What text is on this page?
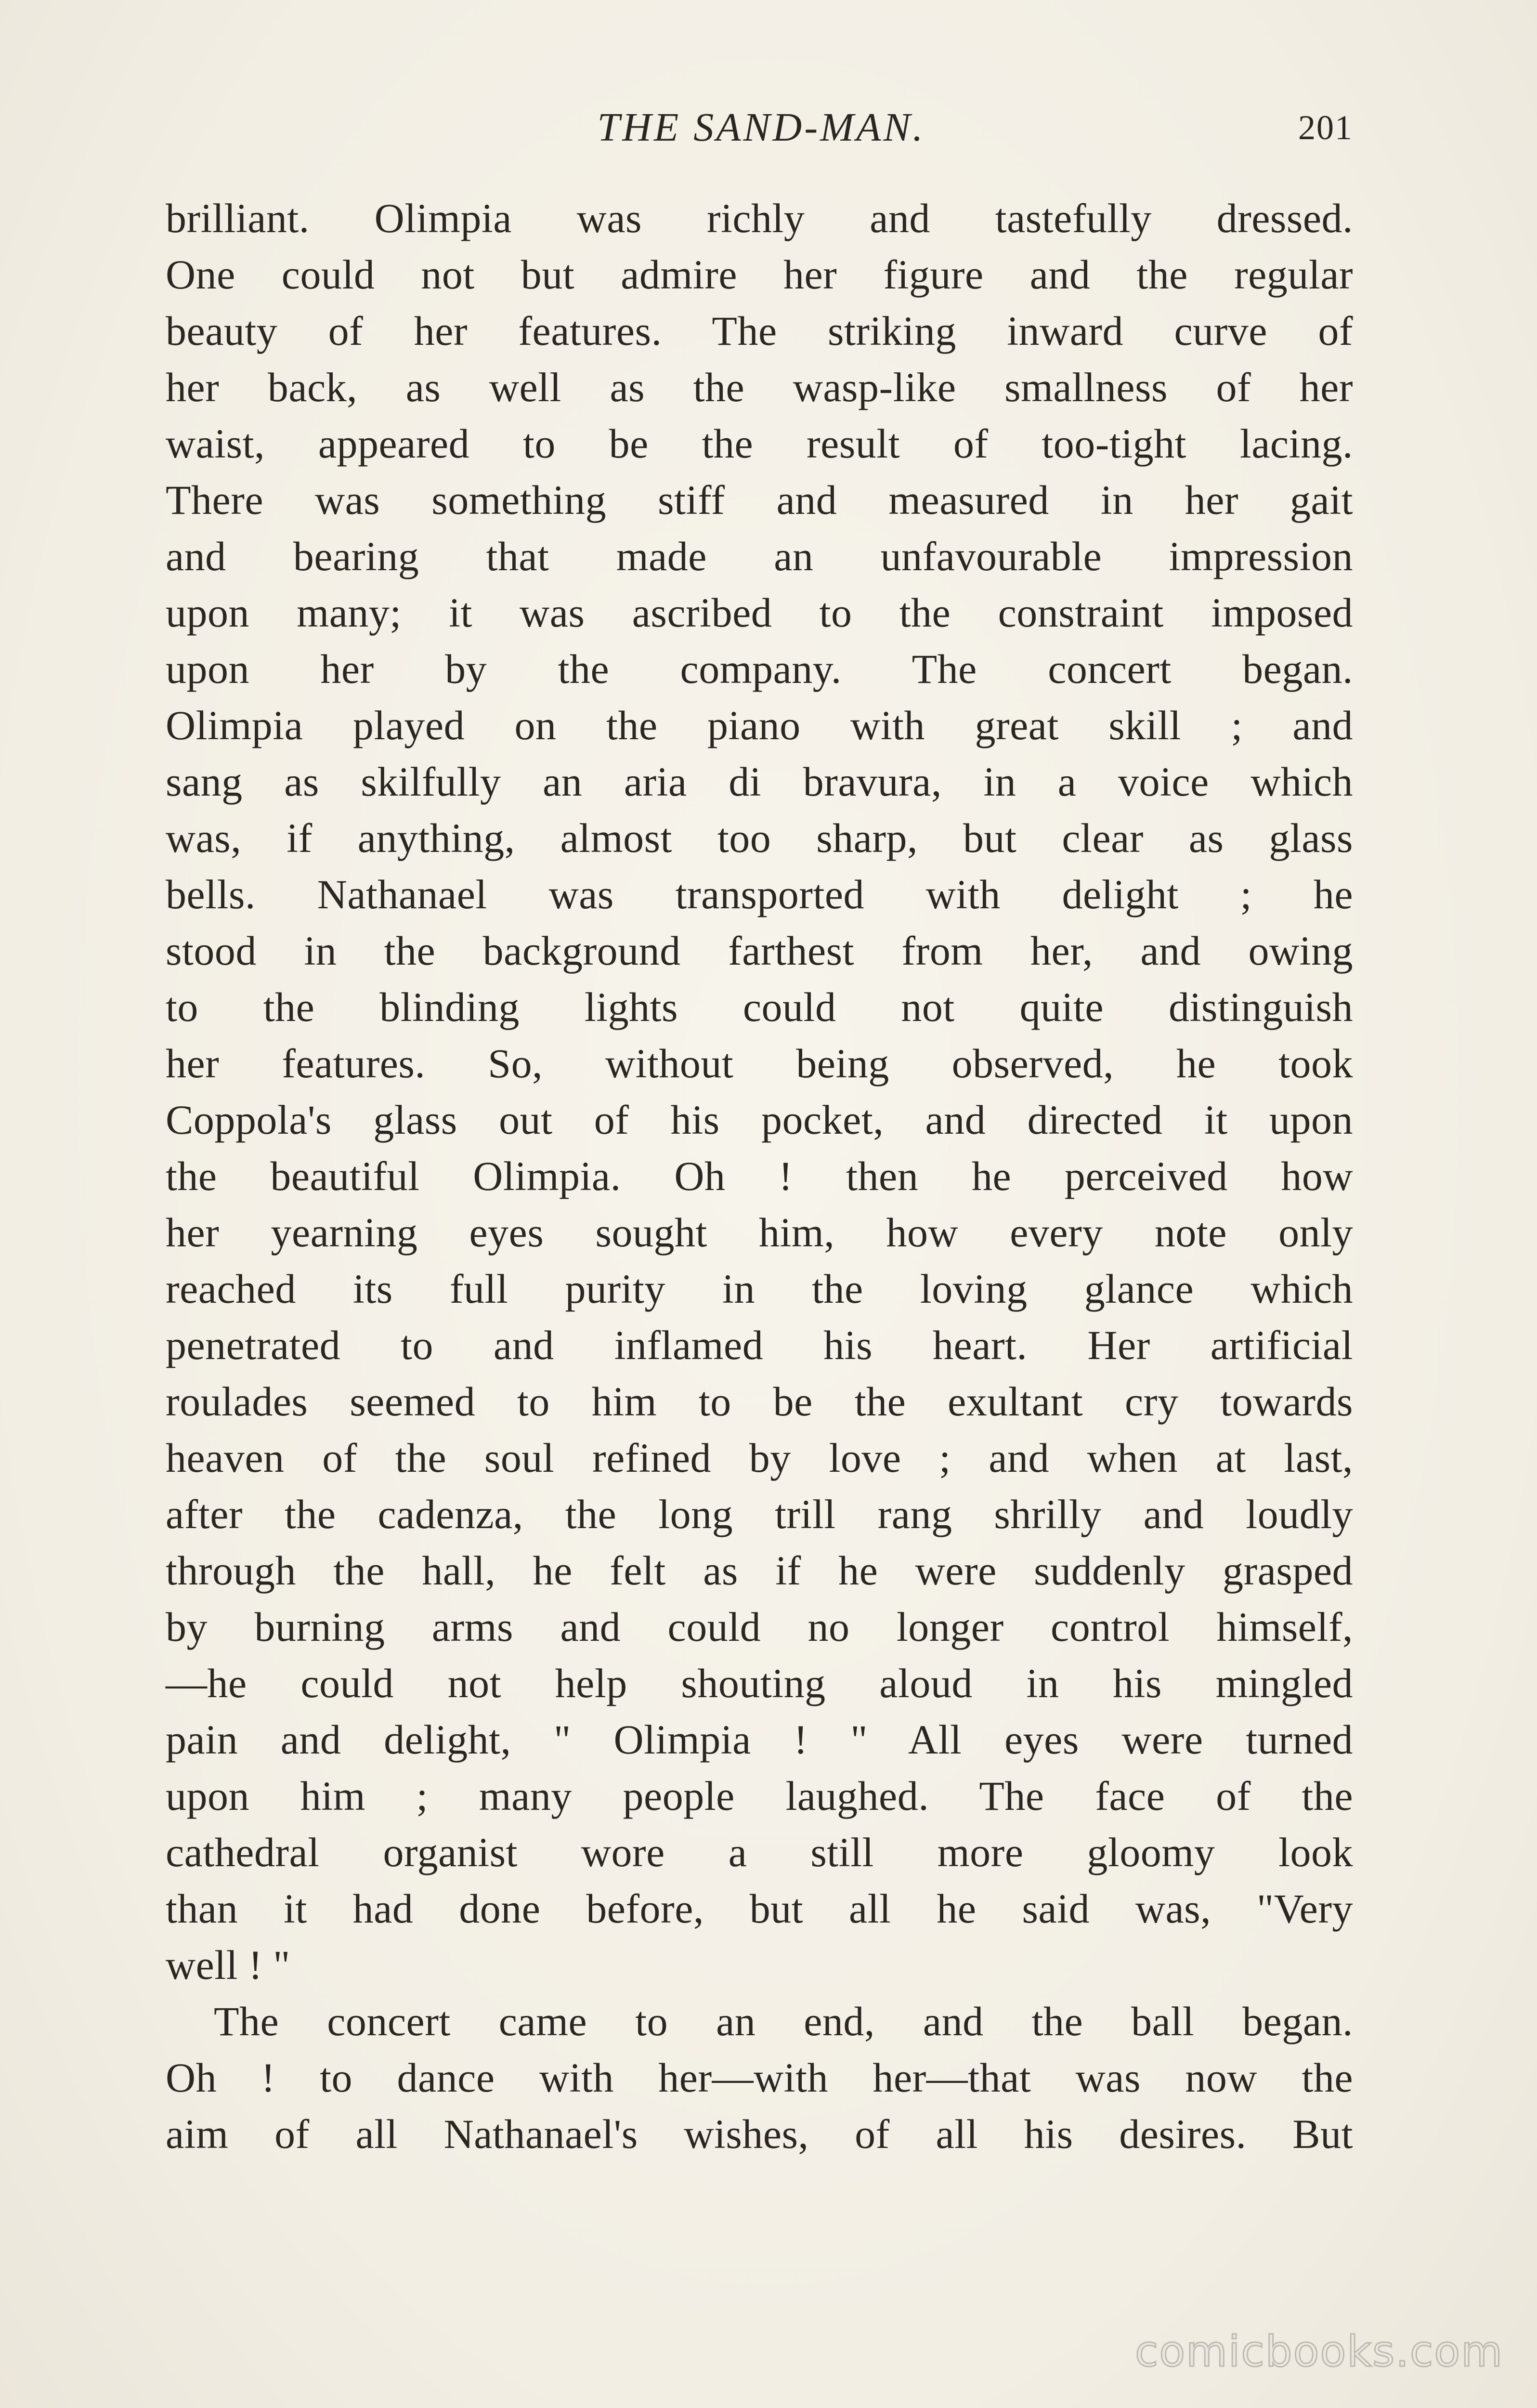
THE SAND-MAN.	201
brilliant. Olimpia was richly and tastefully dressed.
One could not but admire her figure and the regular
beauty of her features. The striking inward curve of
her back, as well as the wasp-like smallness of her
waist, appeared to be the result of too-tight lacing.
There was something stiff and measured in her gait
and bearing that made an unfavourable impression
upon many; it was ascribed to the constraint imposed
upon her by the company. The concert began.
Olimpia played on the piano with great skill ; and
sang as skilfully an aria di bravura, in a voice which
was, if anything, almost too sharp, but clear as glass
bells. Nathanael was transported with delight ; he
stood in the background farthest from her, and owing
to the blinding lights could not quite distinguish
her features. So, without being observed, he took
Coppola's glass out of his pocket, and directed it upon
the beautiful Olimpia. Oh ! then he perceived how
her yearning eyes sought him, how every note only
reached its full purity in the loving glance which
penetrated to and inflamed his heart. Her artificial
roulades seemed to him to be the exultant cry towards
heaven of the soul refined by love ; and when at last,
after the cadenza, the long trill rang shrilly and loudly
through the hall, he felt as if he were suddenly grasped
by burning arms and could no longer control himself,
—he could not help shouting aloud in his mingled
pain and delight, " Olimpia ! " All eyes were turned
upon him ; many people laughed. The face of the
cathedral organist wore a still more gloomy look
than it had done before, but all he said was, "Very
well ! "
The concert came to an end, and the ball began.
Oh ! to dance with her—with her—that was now the
aim of all Nathanael's wishes, of all his desires. But
comicbooks.com
